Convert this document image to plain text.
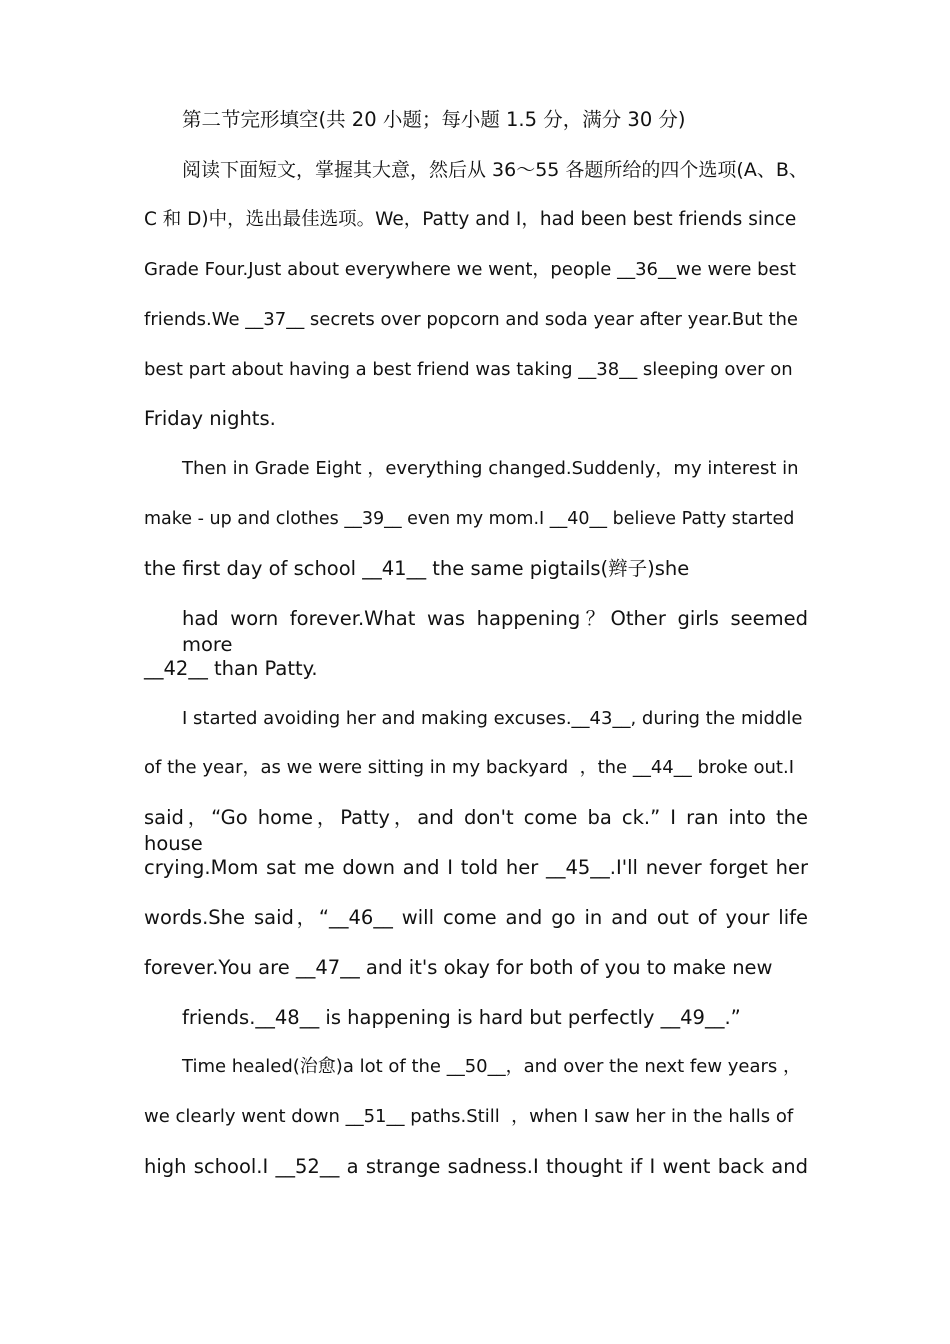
第二节完形填空(共 20 小题；每小题 1.5 分，满分 30 分)
阅读下面短文，掌握其大意，然后从 36～55 各题所给的四个选项(A、B、
C 和 D)中，选出最佳选项。We，Patty and I，had been best friends since
Grade Four.Just about everywhere we went，people __36__we were best
friends.We __37__ secrets over popcorn and soda year after year.But the
best part about having a best friend was taking __38__ sleeping over on
Friday nights.
Then in Grade Eight ，everything changed.Suddenly，my interest in
make - up and clothes __39__ even my mom.I __40__ believe Patty started
the first day of school __41__ the same pigtails(辫子)she
had worn forever.What was happening？Other girls seemed more
__42__ than Patty.
I started avoiding her and making excuses.__43__, during the middle
of the year，as we were sitting in my backyard  ，the __44__ broke out.I
said，“Go home，Patty，and don't come ba ck.” I ran into the house
crying.Mom sat me down and I told her __45__.I'll never forget her
words.She said，“__46__ will come and go in and out of your life
forever.You are __47__ and it's okay for both of you to make new
friends.__48__ is happening is hard but perfectly __49__.”
Time healed(治愈)a lot of the __50__，and over the next few years ，
we clearly went down __51__ paths.Still  ，when I saw her in the halls of
high school.I __52__ a strange sadness.I thought if I went back and
